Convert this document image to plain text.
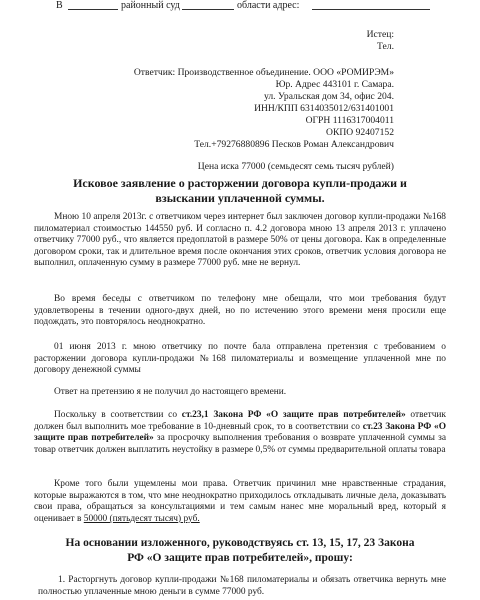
В	районный суд	области адрес:
Истец:
Тел.
Ответчик: Производственное объединение. ООО «РОМИРЭМ»
Юр. Адрес 443101 г. Самара.
ул. Уральская дом 34, офис 204.
ИНН/КПП 6314035012/631401001
ОГРН 1116317004011
ОКПО 92407152
Тел.+79276880896 Песков Роман Александрович
Цена иска 77000 (семьдесят семь тысяч рублей)
Исковое заявление о расторжении договора купли-продажи и
взыскании уплаченной суммы.
Мною 10 апреля 2013г. с ответчиком через интернет был заключен договор купли-продажи №168 пиломатериал стоимостью 144550 руб. И согласно п. 4.2 договора мною 13 апреля 2013 г. уплачено ответчику 77000 руб., что является предоплатой в размере 50% от цены договора. Как в определенные договором сроки, так и длительное время после окончания этих сроков, ответчик условия договора не выполнил, оплаченную сумму в размере 77000 руб. мне не вернул.
Во время беседы с ответчиком по телефону мне обещали, что мои требования будут удовлетворены в течении одного-двух дней, но по истечению этого времени меня просили еще подождать, это повторялось неоднократно.
01 июня 2013 г. мною ответчику по почте бала отправлена претензия с требованием о расторжении договора купли-продажи №168 пиломатериалы и возмещение уплаченной мне по договору денежной суммы
Ответ на претензию я не получил до настоящего времени.
Поскольку в соответствии со ст.23,1 Закона РФ «О защите прав потребителей» ответчик должен был выполнить мое требование в 10-дневный срок, то в соответствии со ст.23 Закона РФ «О защите прав потребителей» за просрочку выполнения требования о возврате уплаченной суммы за товар ответчик должен выплатить неустойку в размере 0,5% от суммы предварительной оплаты товара
Кроме того были ущемлены мои права. Ответчик причинил мне нравственные страдания, которые выражаются в том, что мне неоднократно приходилось откладывать личные дела, доказывать свои права, обращаться за консультациями и тем самым нанес мне моральный вред, который я оценивает в 50000 (пятьдесят тысяч) руб.
На основании изложенного, руководствуясь ст. 13, 15, 17, 23 Закона
РФ «О защите прав потребителей», прошу:
1. Расторгнуть договор купли-продажи №168 пиломатериалы и обязать ответчика вернуть мне полностью уплаченные мною деньги в сумме 77000 руб.
